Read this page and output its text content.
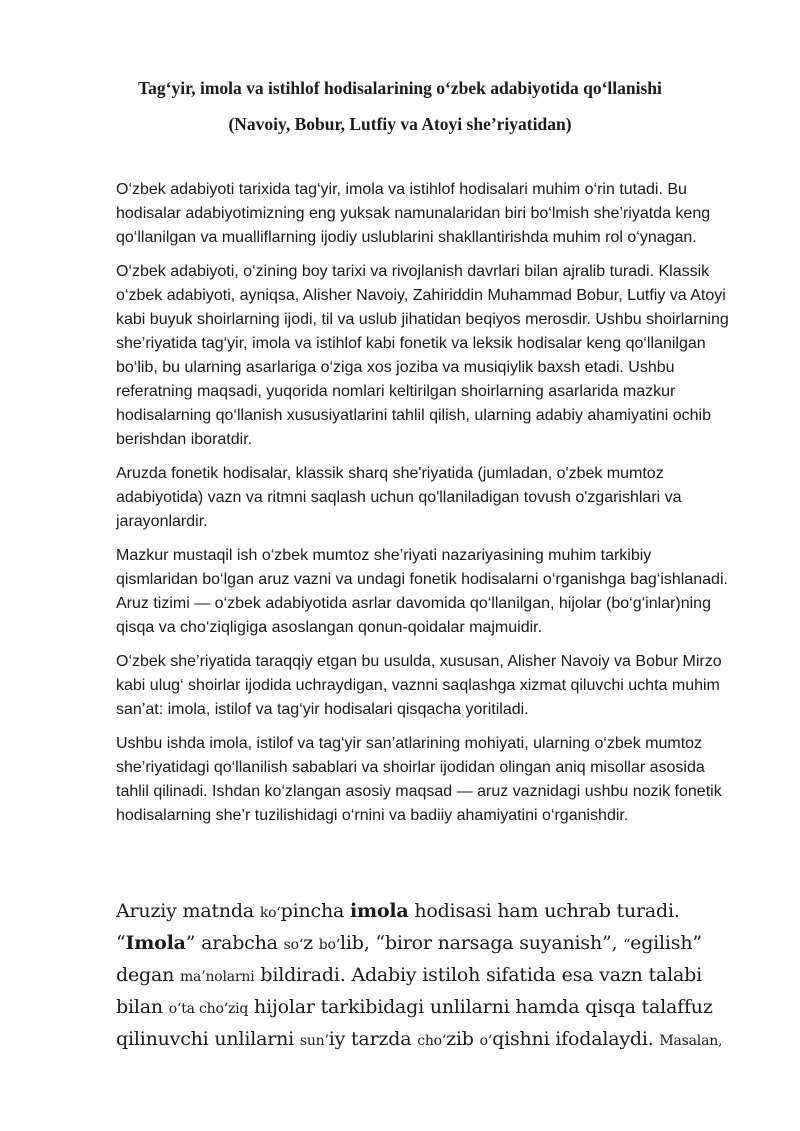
Tag‘yir, imola va istihlof hodisalarining o‘zbek adabiyotida qo‘llanishi
(Navoiy, Bobur, Lutfiy va Atoyi she’riyatidan)

O‘zbek adabiyoti tarixida tag‘yir, imola va istihlof hodisalari muhim o‘rin tutadi. Bu hodisalar adabiyotimizning eng yuksak namunalaridan biri bo‘lmish she’riyatda keng qo‘llanilgan va mualliflarning ijodiy uslublarini shakllantirishda muhim rol o‘ynagan.

O‘zbek adabiyoti, o‘zining boy tarixi va rivojlanish davrlari bilan ajralib turadi. Klassik o‘zbek adabiyoti, ayniqsa, Alisher Navoiy, Zahiriddin Muhammad Bobur, Lutfiy va Atoyi kabi buyuk shoirlarning ijodi, til va uslub jihatidan beqiyos merosdir. Ushbu shoirlarning she’riyatida tag‘yir, imola va istihlof kabi fonetik va leksik hodisalar keng qo‘llanilgan bo‘lib, bu ularning asarlariga o‘ziga xos joziba va musiqiylik baxsh etadi. Ushbu referatning maqsadi, yuqorida nomlari keltirilgan shoirlarning asarlarida mazkur hodisalarning qo‘llanish xususiyatlarini tahlil qilish, ularning adabiy ahamiyatini ochib berishdan iboratdir.

Aruzda fonetik hodisalar, klassik sharq she'riyatida (jumladan, o'zbek mumtoz adabiyotida) vazn va ritmni saqlash uchun qo'llaniladigan tovush o'zgarishlari va jarayonlardir.

Mazkur mustaqil ish o‘zbek mumtoz she’riyati nazariyasining muhim tarkibiy qismlaridan bo‘lgan aruz vazni va undagi fonetik hodisalarni o‘rganishga bag‘ishlanadi. Aruz tizimi — o‘zbek adabiyotida asrlar davomida qo‘llanilgan, hijolar (bo‘g‘inlar)ning qisqa va cho‘ziqligiga asoslangan qonun-qoidalar majmuidir.

O‘zbek she’riyatida taraqqiy etgan bu usulda, xususan, Alisher Navoiy va Bobur Mirzo kabi ulug‘ shoirlar ijodida uchraydigan, vaznni saqlashga xizmat qiluvchi uchta muhim san’at: imola, istilof va tag‘yir hodisalari qisqacha yoritiladi.

Ushbu ishda imola, istilof va tag‘yir san’atlarining mohiyati, ularning o‘zbek mumtoz she’riyatidagi qo‘llanilish sabablari va shoirlar ijodidan olingan aniq misollar asosida tahlil qilinadi. Ishdan ko‘zlangan asosiy maqsad — aruz vaznidagi ushbu nozik fonetik hodisalarning she’r tuzilishidagi o‘rnini va badiiy ahamiyatini o‘rganishdir.

Aruziy matnda ko‘pincha imola hodisasi ham uchrab turadi.
“Imola” arabcha so‘z bo‘lib, “biror narsaga suyanish”, “egilish”
degan ma’nolarni bildiradi. Adabiy istiloh sifatida esa vazn talabi
bilan o‘ta cho‘ziq hijolar tarkibidagi unlilarni hamda qisqa talaffuz
qilinuvchi unlilarni sun’iy tarzda cho‘zib o‘qishni ifodalaydi. Masalan,
